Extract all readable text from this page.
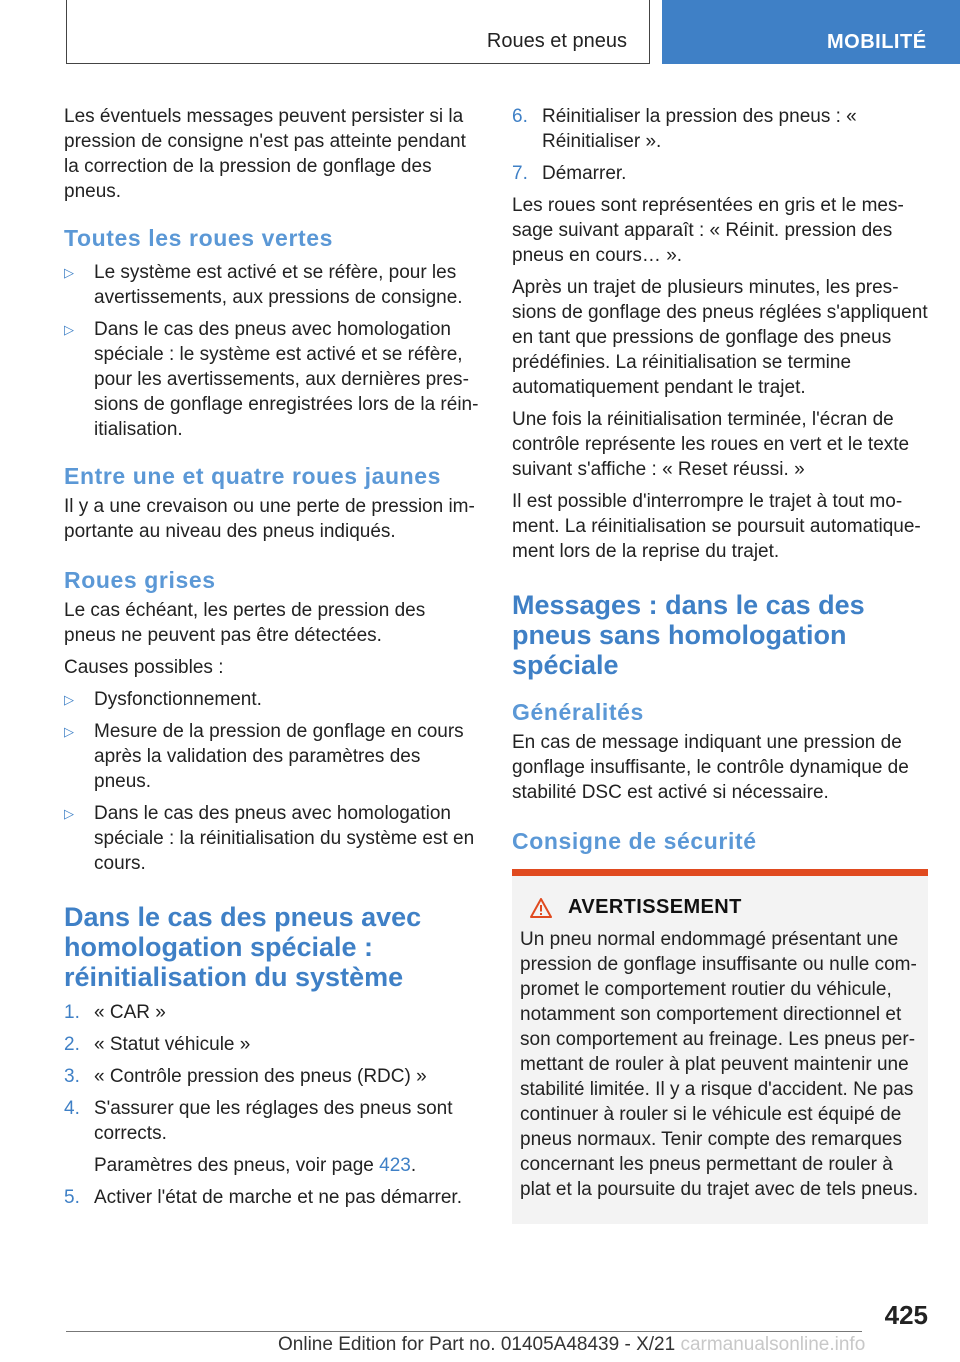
Roues et pneus	MOBILITÉ

Les éventuels messages peuvent persister si la pression de consigne n'est pas atteinte pendant la correction de la pression de gonflage des pneus.

Toutes les roues vertes
▷ Le système est activé et se réfère, pour les avertissements, aux pressions de consigne.
▷ Dans le cas des pneus avec homologation spéciale : le système est activé et se réfère, pour les avertissements, aux dernières pressions de gonflage enregistrées lors de la réinitialisation.
Entre une et quatre roues jaunes

Il y a une crevaison ou une perte de pression importante au niveau des pneus indiqués.

Roues grises

Le cas échéant, les pertes de pression des pneus ne peuvent pas être détectées.

Causes possibles :

▷ Dysfonctionnement.
▷ Mesure de la pression de gonflage en cours après la validation des paramètres des pneus.
▷ Dans le cas des pneus avec homologation spéciale : la réinitialisation du système est en cours.
Dans le cas des pneus avec homologation spéciale : réinitialisation du système
1. « CAR »
2. « Statut véhicule »
3. « Contrôle pression des pneus (RDC) »
4. S'assurer que les réglages des pneus sont corrects.
Paramètres des pneus, voir page 423.
5. Activer l'état de marche et ne pas démarrer.
6. Réinitialiser la pression des pneus : « Réinitialiser ».
7. Démarrer.

Les roues sont représentées en gris et le message suivant apparaît : « Réinit. pression des pneus en cours… ».

Après un trajet de plusieurs minutes, les pressions de gonflage des pneus réglées s'appliquent en tant que pressions de gonflage des pneus prédéfinies. La réinitialisation se termine automatiquement pendant le trajet.

Une fois la réinitialisation terminée, l'écran de contrôle représente les roues en vert et le texte suivant s'affiche : « Reset réussi. »

Il est possible d'interrompre le trajet à tout moment. La réinitialisation se poursuit automatiquement lors de la reprise du trajet.

Messages : dans le cas des pneus sans homologation spéciale
Généralités

En cas de message indiquant une pression de gonflage insuffisante, le contrôle dynamique de stabilité DSC est activé si nécessaire.

Consigne de sécurité
AVERTISSEMENT

Un pneu normal endommagé présentant une pression de gonflage insuffisante ou nulle compromet le comportement routier du véhicule, notamment son comportement directionnel et son comportement au freinage. Les pneus permettant de rouler à plat peuvent maintenir une stabilité limitée. Il y a risque d'accident. Ne pas continuer à rouler si le véhicule est équipé de pneus normaux. Tenir compte des remarques concernant les pneus permettant de rouler à plat et la poursuite du trajet avec de tels pneus.

425
Online Edition for Part no. 01405A48439 - X/21 carmanualsonline.info
